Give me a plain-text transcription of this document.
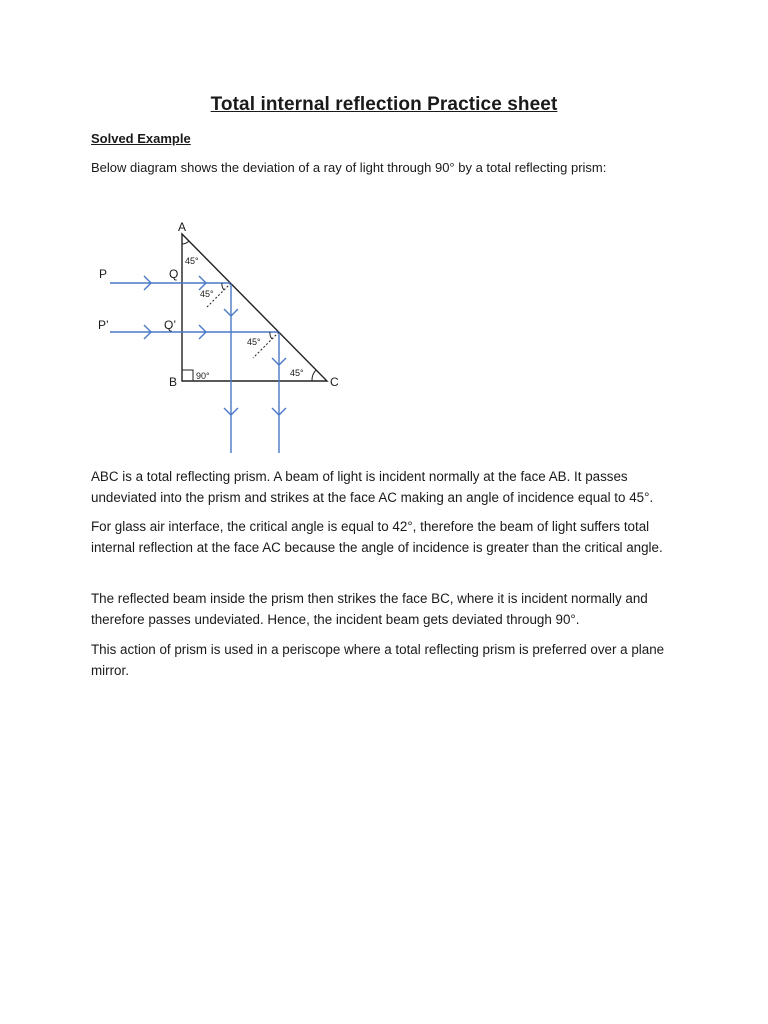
Total internal reflection Practice sheet
Solved Example
Below diagram shows the deviation of a ray of light through 90° by a total reflecting prism:
A
B	C
P
P’
Q
Q’
45°
45°
45°
90°	45°

ABC is a total reflecting prism. A beam of light is incident normally at the face AB. It passes undeviated into the prism and strikes at the face AC making an angle of incidence equal to 45°.

For glass air interface, the critical angle is equal to 42°, therefore the beam of light suffers total internal reflection at the face AC because the angle of incidence is greater than the critical angle.

The reflected beam inside the prism then strikes the face BC, where it is incident normally and therefore passes undeviated. Hence, the incident beam gets deviated through 90°.

This action of prism is used in a periscope where a total reflecting prism is preferred over a plane mirror.
